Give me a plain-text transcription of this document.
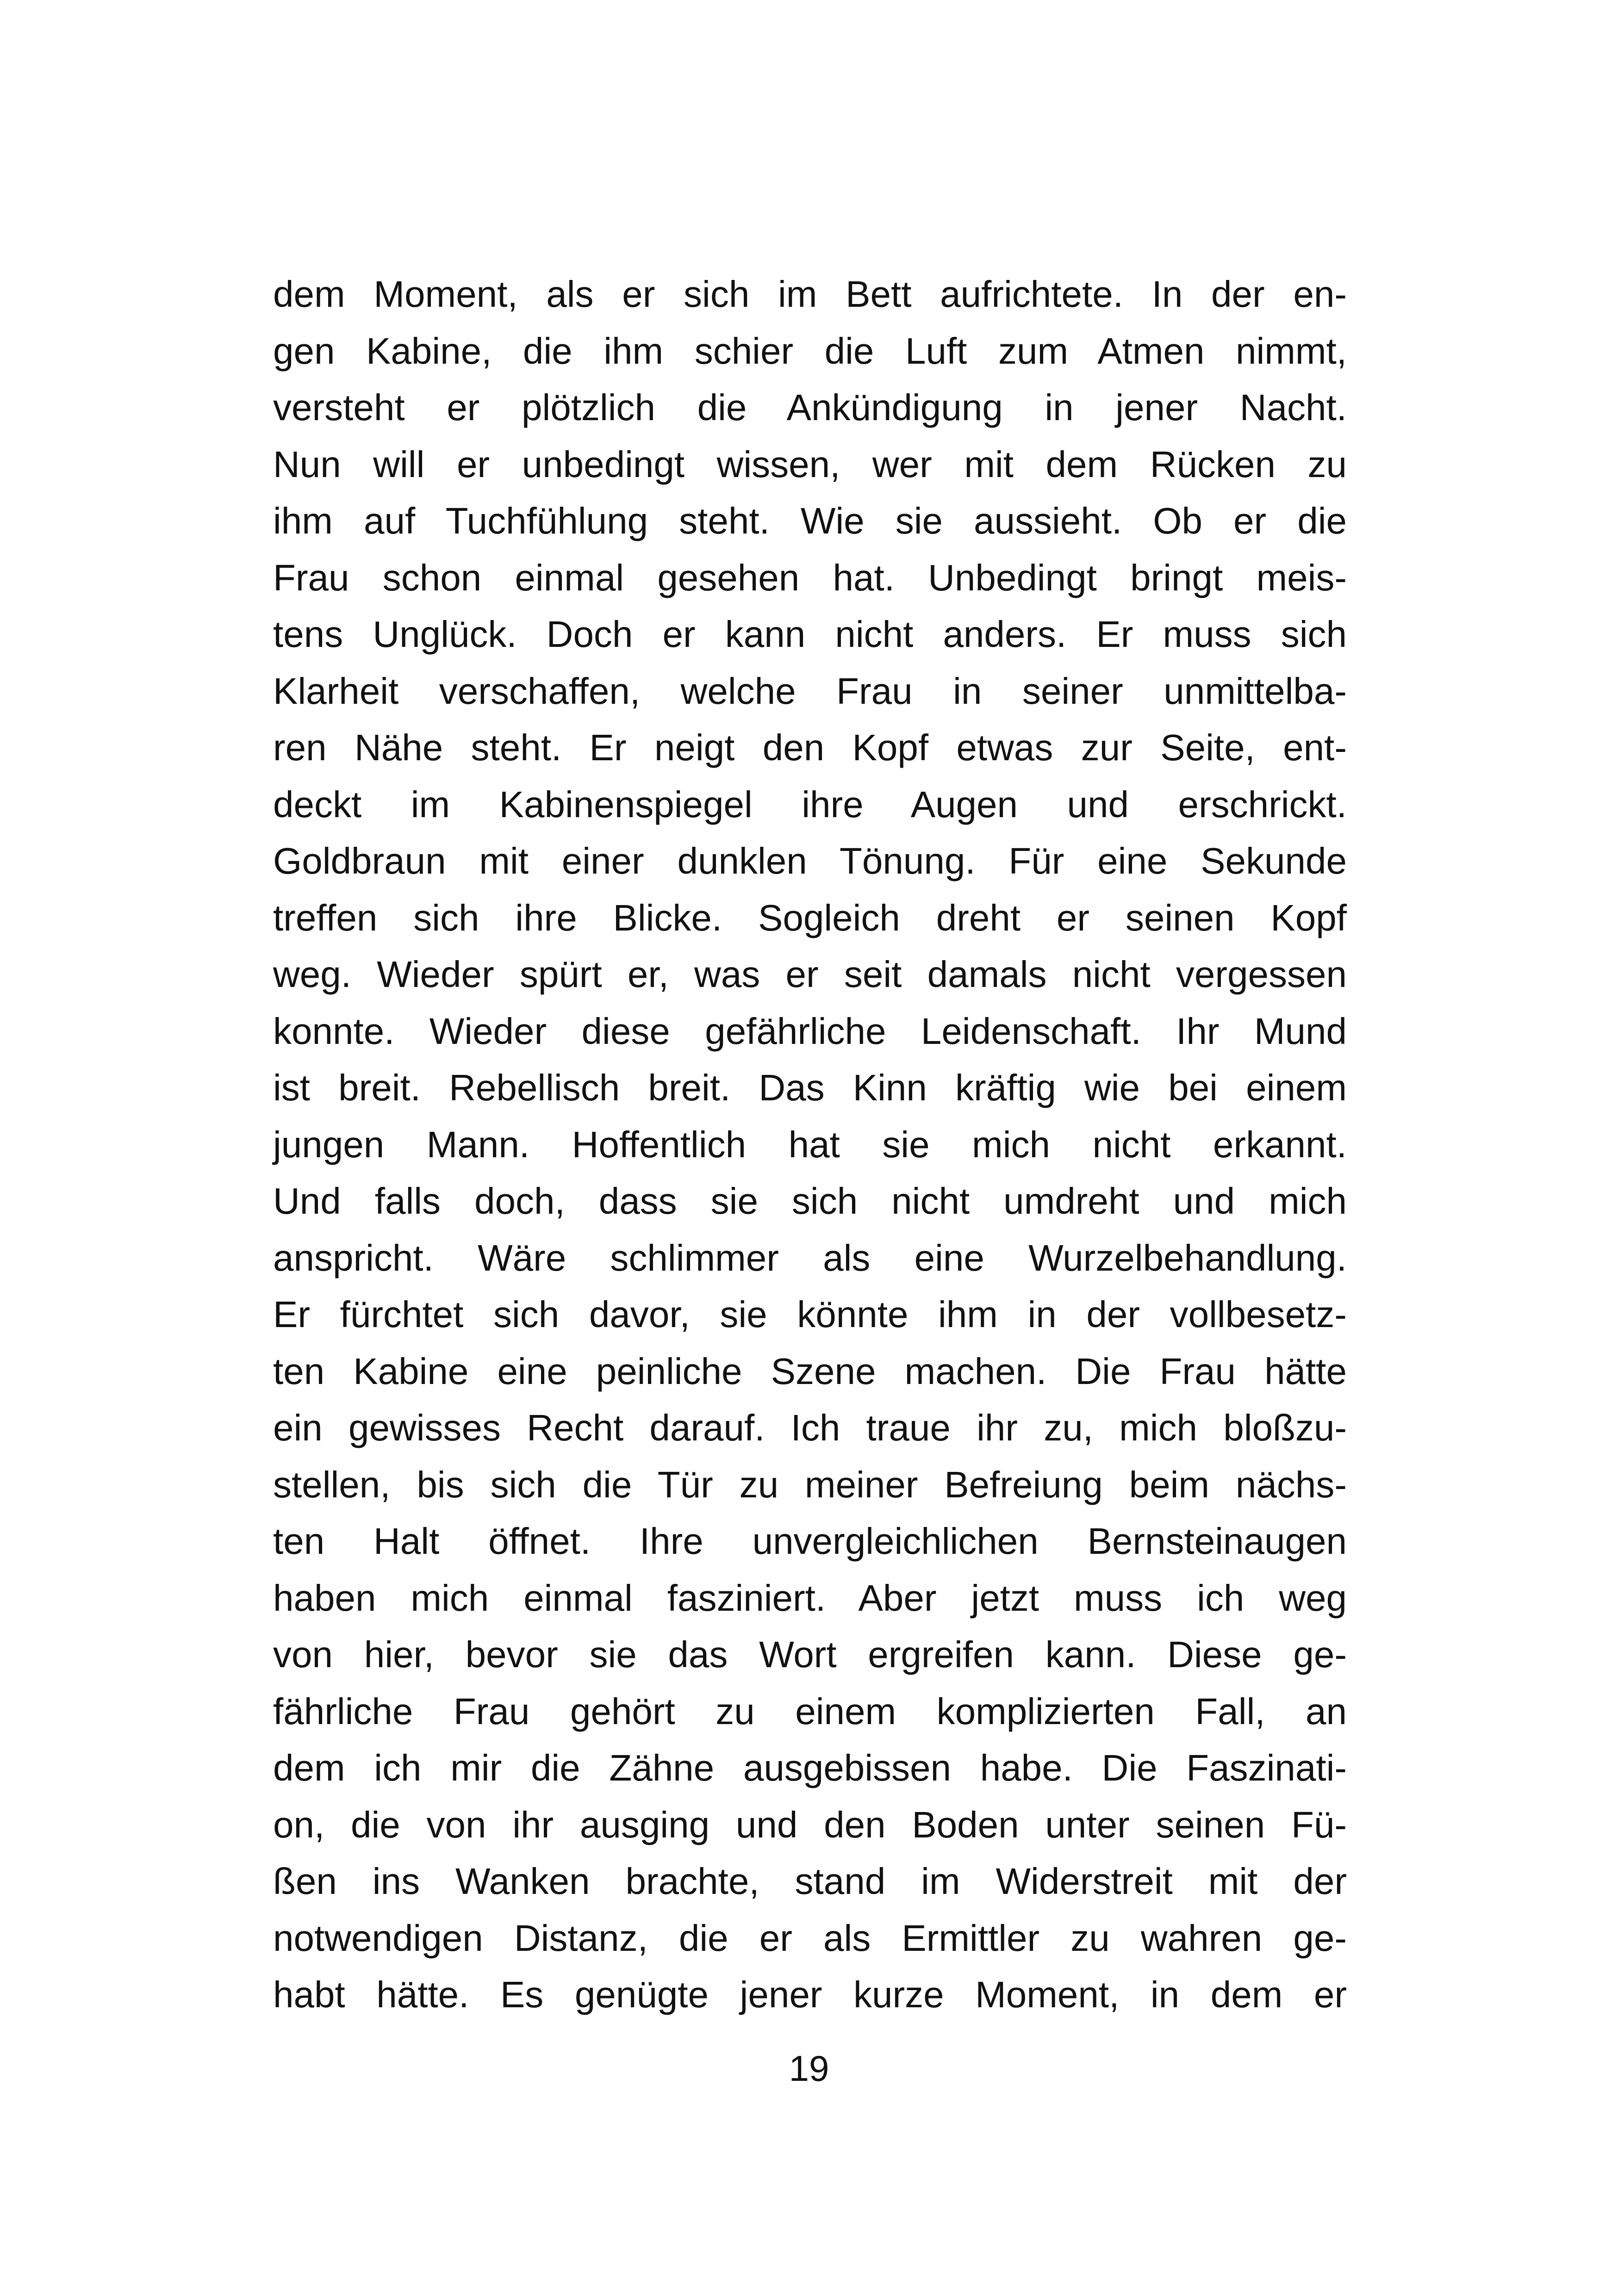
dem Moment, als er sich im Bett aufrichtete. In der en-
gen Kabine, die ihm schier die Luft zum Atmen nimmt,
versteht er plötzlich die Ankündigung in jener Nacht.
Nun will er unbedingt wissen, wer mit dem Rücken zu
ihm auf Tuchfühlung steht. Wie sie aussieht. Ob er die
Frau schon einmal gesehen hat. Unbedingt bringt meis-
tens Unglück. Doch er kann nicht anders. Er muss sich
Klarheit verschaffen, welche Frau in seiner unmittelba-
ren Nähe steht. Er neigt den Kopf etwas zur Seite, ent-
deckt im Kabinenspiegel ihre Augen und erschrickt.
Goldbraun mit einer dunklen Tönung. Für eine Sekunde
treffen sich ihre Blicke. Sogleich dreht er seinen Kopf
weg. Wieder spürt er, was er seit damals nicht vergessen
konnte. Wieder diese gefährliche Leidenschaft. Ihr Mund
ist breit. Rebellisch breit. Das Kinn kräftig wie bei einem
jungen Mann. Hoffentlich hat sie mich nicht erkannt.
Und falls doch, dass sie sich nicht umdreht und mich
anspricht. Wäre schlimmer als eine Wurzelbehandlung.
Er fürchtet sich davor, sie könnte ihm in der vollbesetz-
ten Kabine eine peinliche Szene machen. Die Frau hätte
ein gewisses Recht darauf. Ich traue ihr zu, mich bloßzu-
stellen, bis sich die Tür zu meiner Befreiung beim nächs-
ten Halt öffnet. Ihre unvergleichlichen Bernsteinaugen
haben mich einmal fasziniert. Aber jetzt muss ich weg
von hier, bevor sie das Wort ergreifen kann. Diese ge-
fährliche Frau gehört zu einem komplizierten Fall, an
dem ich mir die Zähne ausgebissen habe. Die Faszinati-
on, die von ihr ausging und den Boden unter seinen Fü-
ßen ins Wanken brachte, stand im Widerstreit mit der
notwendigen Distanz, die er als Ermittler zu wahren ge-
habt hätte. Es genügte jener kurze Moment, in dem er
19
